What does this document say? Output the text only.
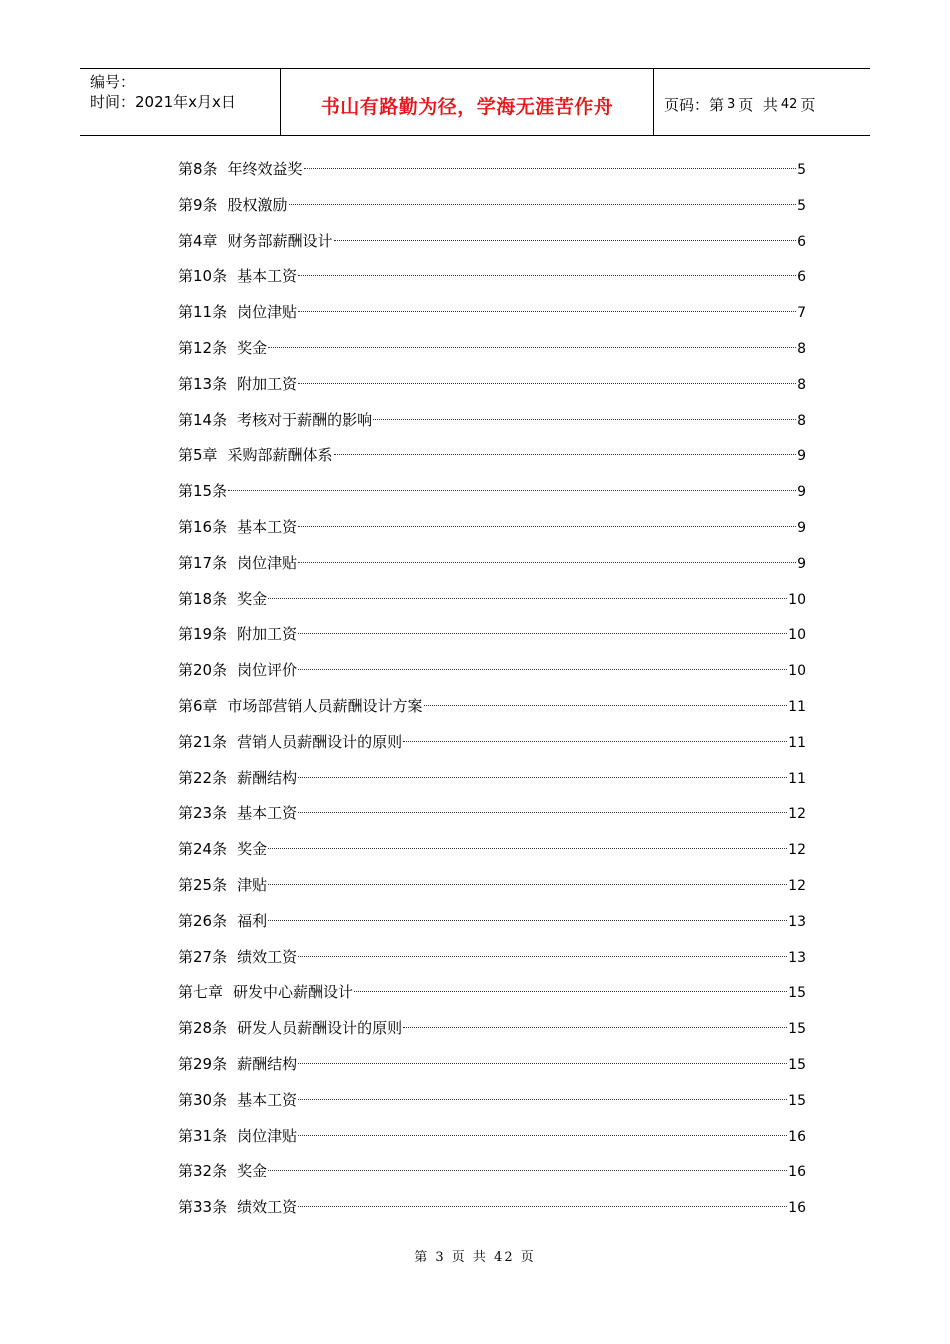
编号：
时间：2021年x月x日	书山有路勤为径，学海无涯苦作舟	页码：第 3 页  共 42 页
第8条 年终效益奖	5
第9条 股权激励	5
第4章 财务部薪酬设计	6
第10条 基本工资	6
第11条 岗位津贴	7
第12条 奖金	8
第13条 附加工资	8
第14条 考核对于薪酬的影响	8
第5章 采购部薪酬体系	9
第15条	9
第16条 基本工资	9
第17条 岗位津贴	9
第18条 奖金	10
第19条 附加工资	10
第20条 岗位评价	10
第6章 市场部营销人员薪酬设计方案	11
第21条 营销人员薪酬设计的原则	11
第22条 薪酬结构	11
第23条 基本工资	12
第24条 奖金	12
第25条 津贴	12
第26条 福利	13
第27条 绩效工资	13
第七章 研发中心薪酬设计	15
第28条 研发人员薪酬设计的原则	15
第29条 薪酬结构	15
第30条 基本工资	15
第31条 岗位津贴	16
第32条 奖金	16
第33条 绩效工资	16
第 3 页 共 42 页
